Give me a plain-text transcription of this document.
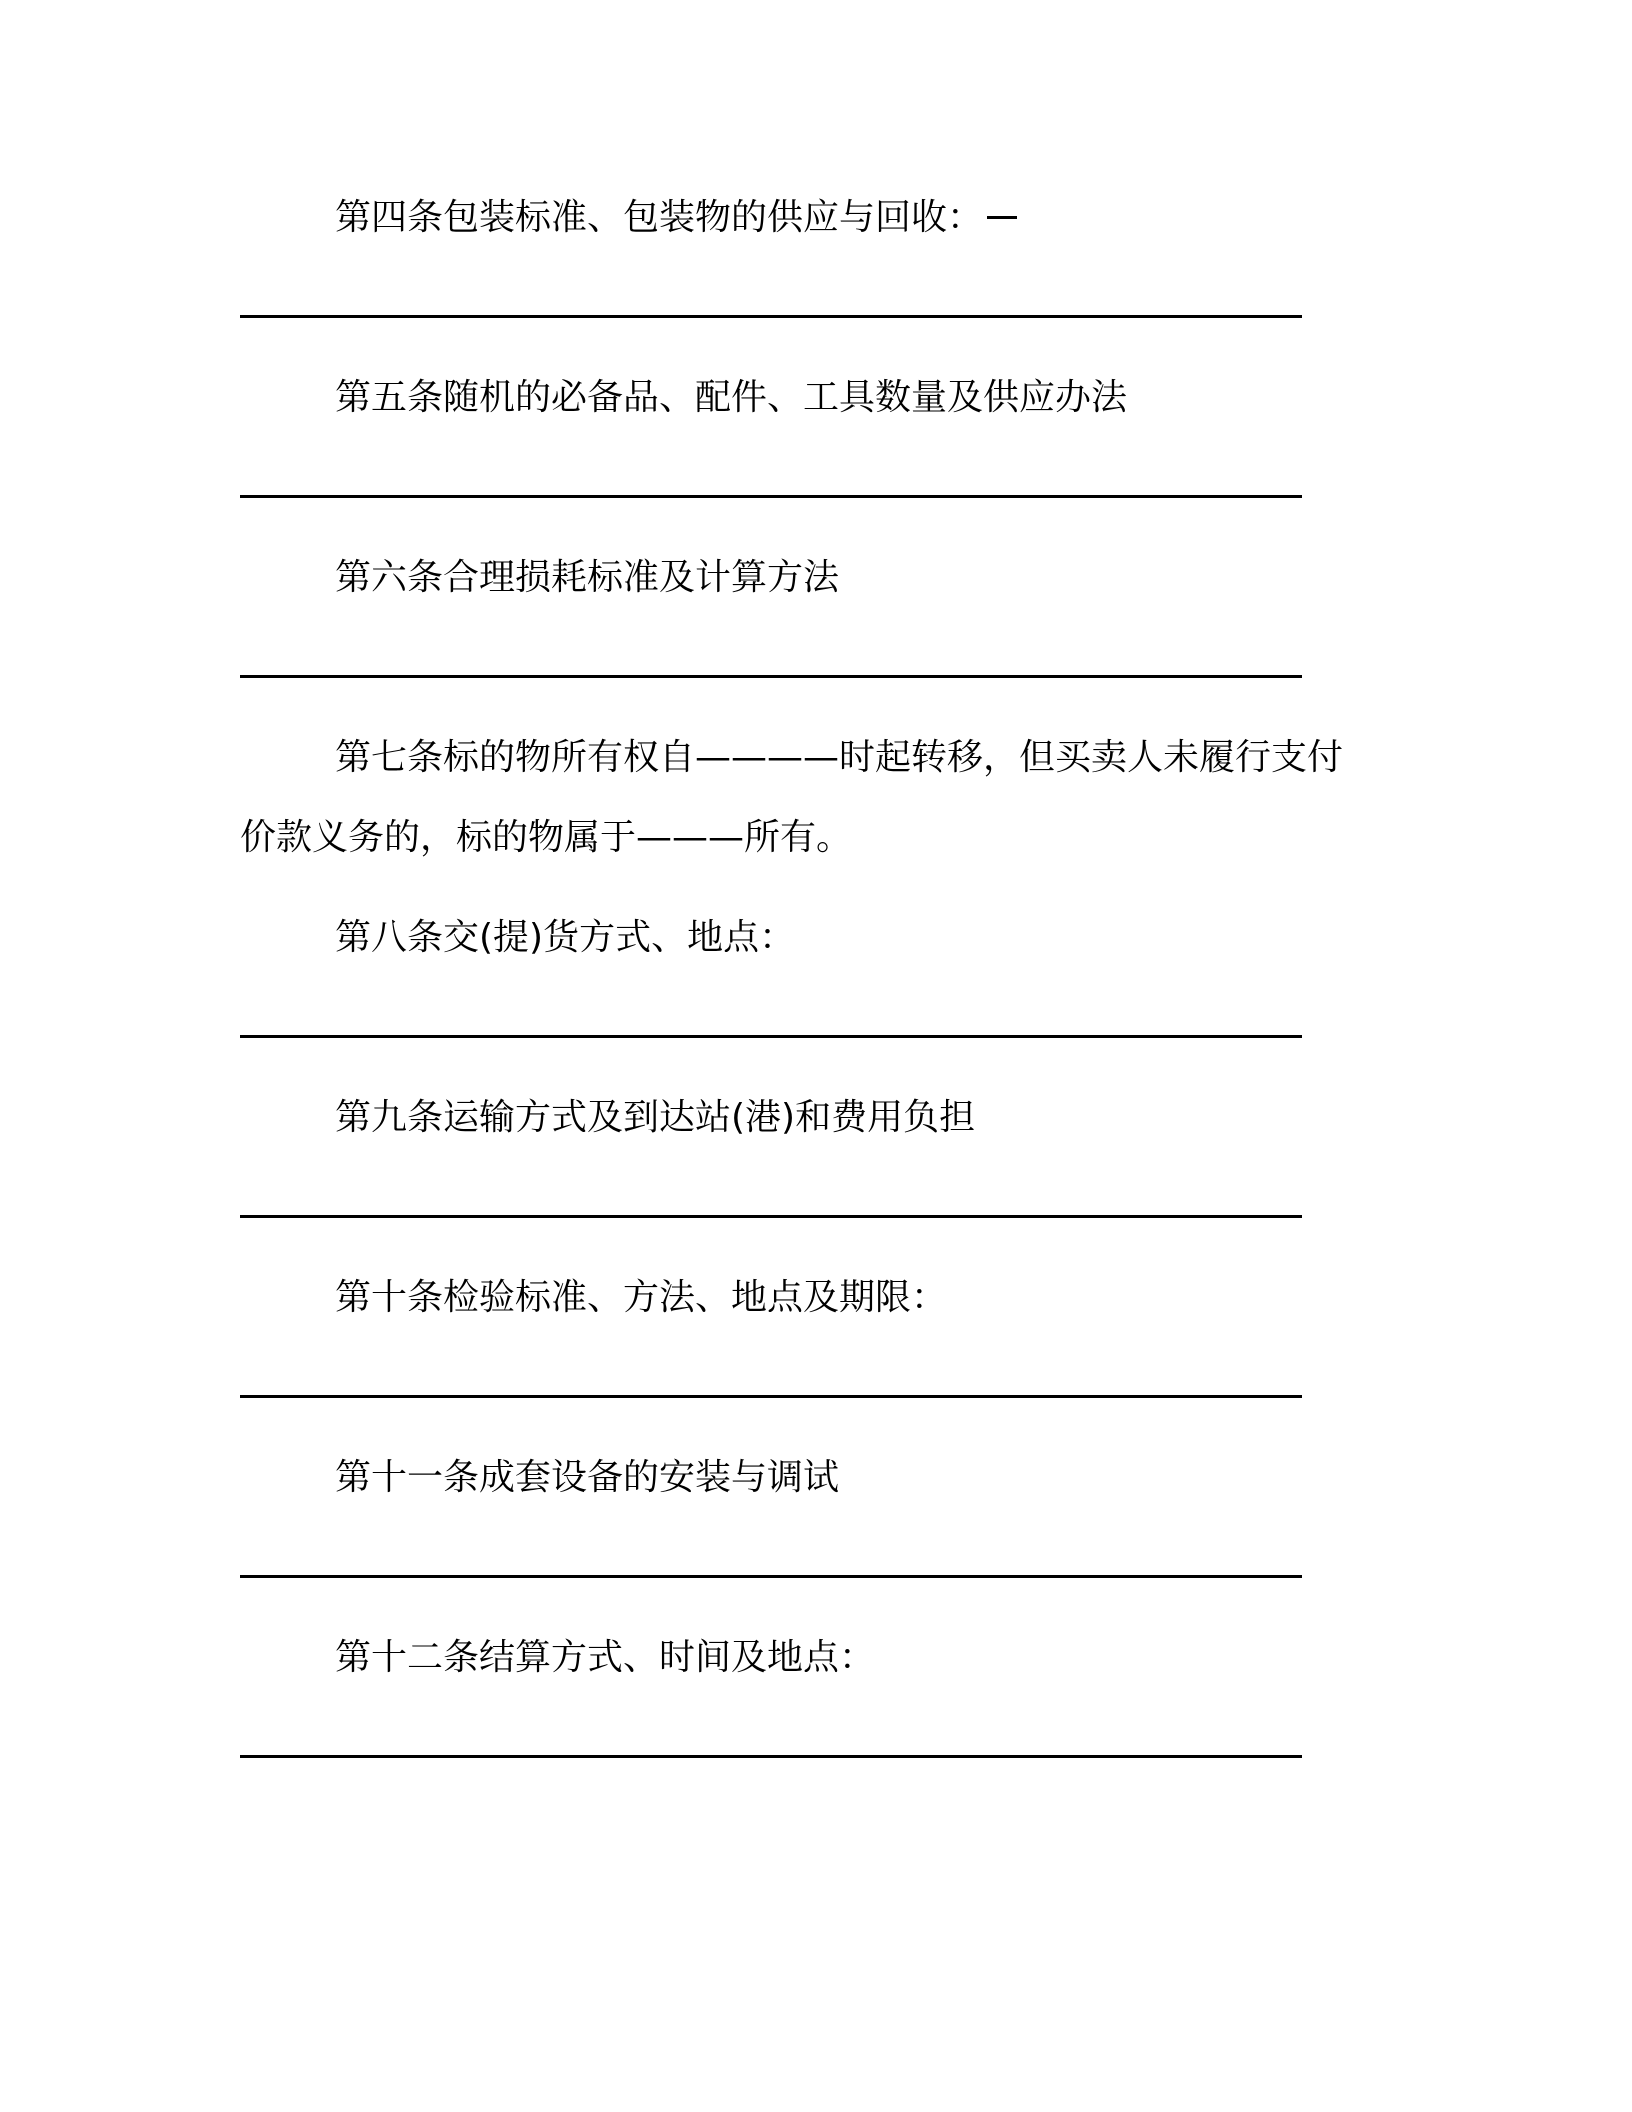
第四条包装标准、包装物的供应与回收：
第五条随机的必备品、配件、工具数量及供应办法
第六条合理损耗标准及计算方法
第七条标的物所有权自————时起转移，但买卖人未履行支付价款义务的，标的物属于———所有。
第八条交(提)货方式、地点：
第九条运输方式及到达站(港)和费用负担
第十条检验标准、方法、地点及期限：
第十一条成套设备的安装与调试
第十二条结算方式、时间及地点：
